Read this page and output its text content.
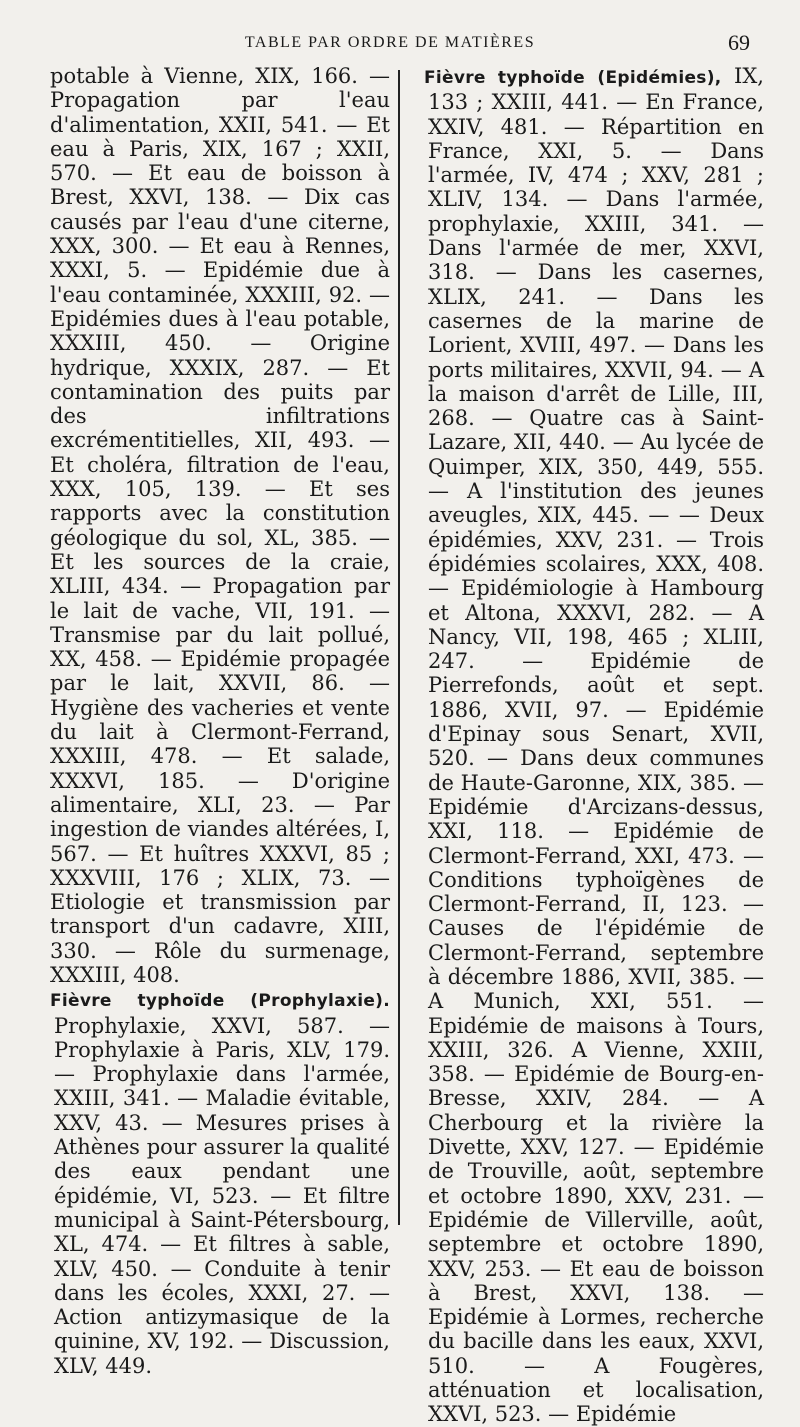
TABLE PAR ORDRE DE MATIÈRES	69

potable à Vienne, XIX, 166. — Propagation par l'eau d'alimentation, XXII, 541. — Et eau à Paris, XIX, 167 ; XXII, 570. — Et eau de boisson à Brest, XXVI, 138. — Dix cas causés par l'eau d'une citerne, XXX, 300. — Et eau à Rennes, XXXI, 5. — Epidémie due à l'eau contaminée, XXXIII, 92. — Epidémies dues à l'eau potable, XXXIII, 450. — Origine hydrique, XXXIX, 287. — Et contamination des puits par des infiltrations excrémentitielles, XII, 493. — Et choléra, filtration de l'eau, XXX, 105, 139. — Et ses rapports avec la constitution géologique du sol, XL, 385. — Et les sources de la craie, XLIII, 434. — Propagation par le lait de vache, VII, 191. — Transmise par du lait pollué, XX, 458. — Epidémie propagée par le lait, XXVII, 86. — Hygiène des vacheries et vente du lait à Clermont-Ferrand, XXXIII, 478. — Et salade, XXXVI, 185. — D'origine alimentaire, XLI, 23. — Par ingestion de viandes altérées, I, 567. — Et huîtres XXXVI, 85 ; XXXVIII, 176 ; XLIX, 73. — Etiologie et transmission par transport d'un cadavre, XIII, 330. — Rôle du surmenage, XXXIII, 408.

Fièvre typhoïde (Prophylaxie). Prophylaxie, XXVI, 587. — Prophylaxie à Paris, XLV, 179. — Prophylaxie dans l'armée, XXIII, 341. — Maladie évitable, XXV, 43. — Mesures prises à Athènes pour assurer la qualité des eaux pendant une épidémie, VI, 523. — Et filtre municipal à Saint-Pétersbourg, XL, 474. — Et filtres à sable, XLV, 450. — Conduite à tenir dans les écoles, XXXI, 27. — Action antizymasique de la quinine, XV, 192. — Discussion, XLV, 449.

Fièvre typhoïde (Epidémies), IX, 133 ; XXIII, 441. — En France, XXIV, 481. — Répartition en France, XXI, 5. — Dans l'armée, IV, 474 ; XXV, 281 ; XLIV, 134. — Dans l'armée, prophylaxie, XXIII, 341. — Dans l'armée de mer, XXVI, 318. — Dans les casernes, XLIX, 241. — Dans les casernes de la marine de Lorient, XVIII, 497. — Dans les ports militaires, XXVII, 94. — A la maison d'arrêt de Lille, III, 268. — Quatre cas à Saint-Lazare, XII, 440. — Au lycée de Quimper, XIX, 350, 449, 555. — A l'institution des jeunes aveugles, XIX, 445. — — Deux épidémies, XXV, 231. — Trois épidémies scolaires, XXX, 408. — Epidémiologie à Hambourg et Altona, XXXVI, 282. — A Nancy, VII, 198, 465 ; XLIII, 247. — Epidémie de Pierrefonds, août et sept. 1886, XVII, 97. — Epidémie d'Epinay sous Senart, XVII, 520. — Dans deux communes de Haute-Garonne, XIX, 385. — Epidémie d'Arcizans-dessus, XXI, 118. — Epidémie de Clermont-Ferrand, XXI, 473. — Conditions typhoïgènes de Clermont-Ferrand, II, 123. — Causes de l'épidémie de Clermont-Ferrand, septembre à décembre 1886, XVII, 385. — A Munich, XXI, 551. — Epidémie de maisons à Tours, XXIII, 326. A Vienne, XXIII, 358. — Epidémie de Bourg-en-Bresse, XXIV, 284. — A Cherbourg et la rivière la Divette, XXV, 127. — Epidémie de Trouville, août, septembre et octobre 1890, XXV, 231. — Epidémie de Villerville, août, septembre et octobre 1890, XXV, 253. — Et eau de boisson à Brest, XXVI, 138. — Epidémie à Lormes, recherche du bacille dans les eaux, XXVI, 510. — A Fougères, atténuation et localisation, XXVI, 523. — Epidémie
